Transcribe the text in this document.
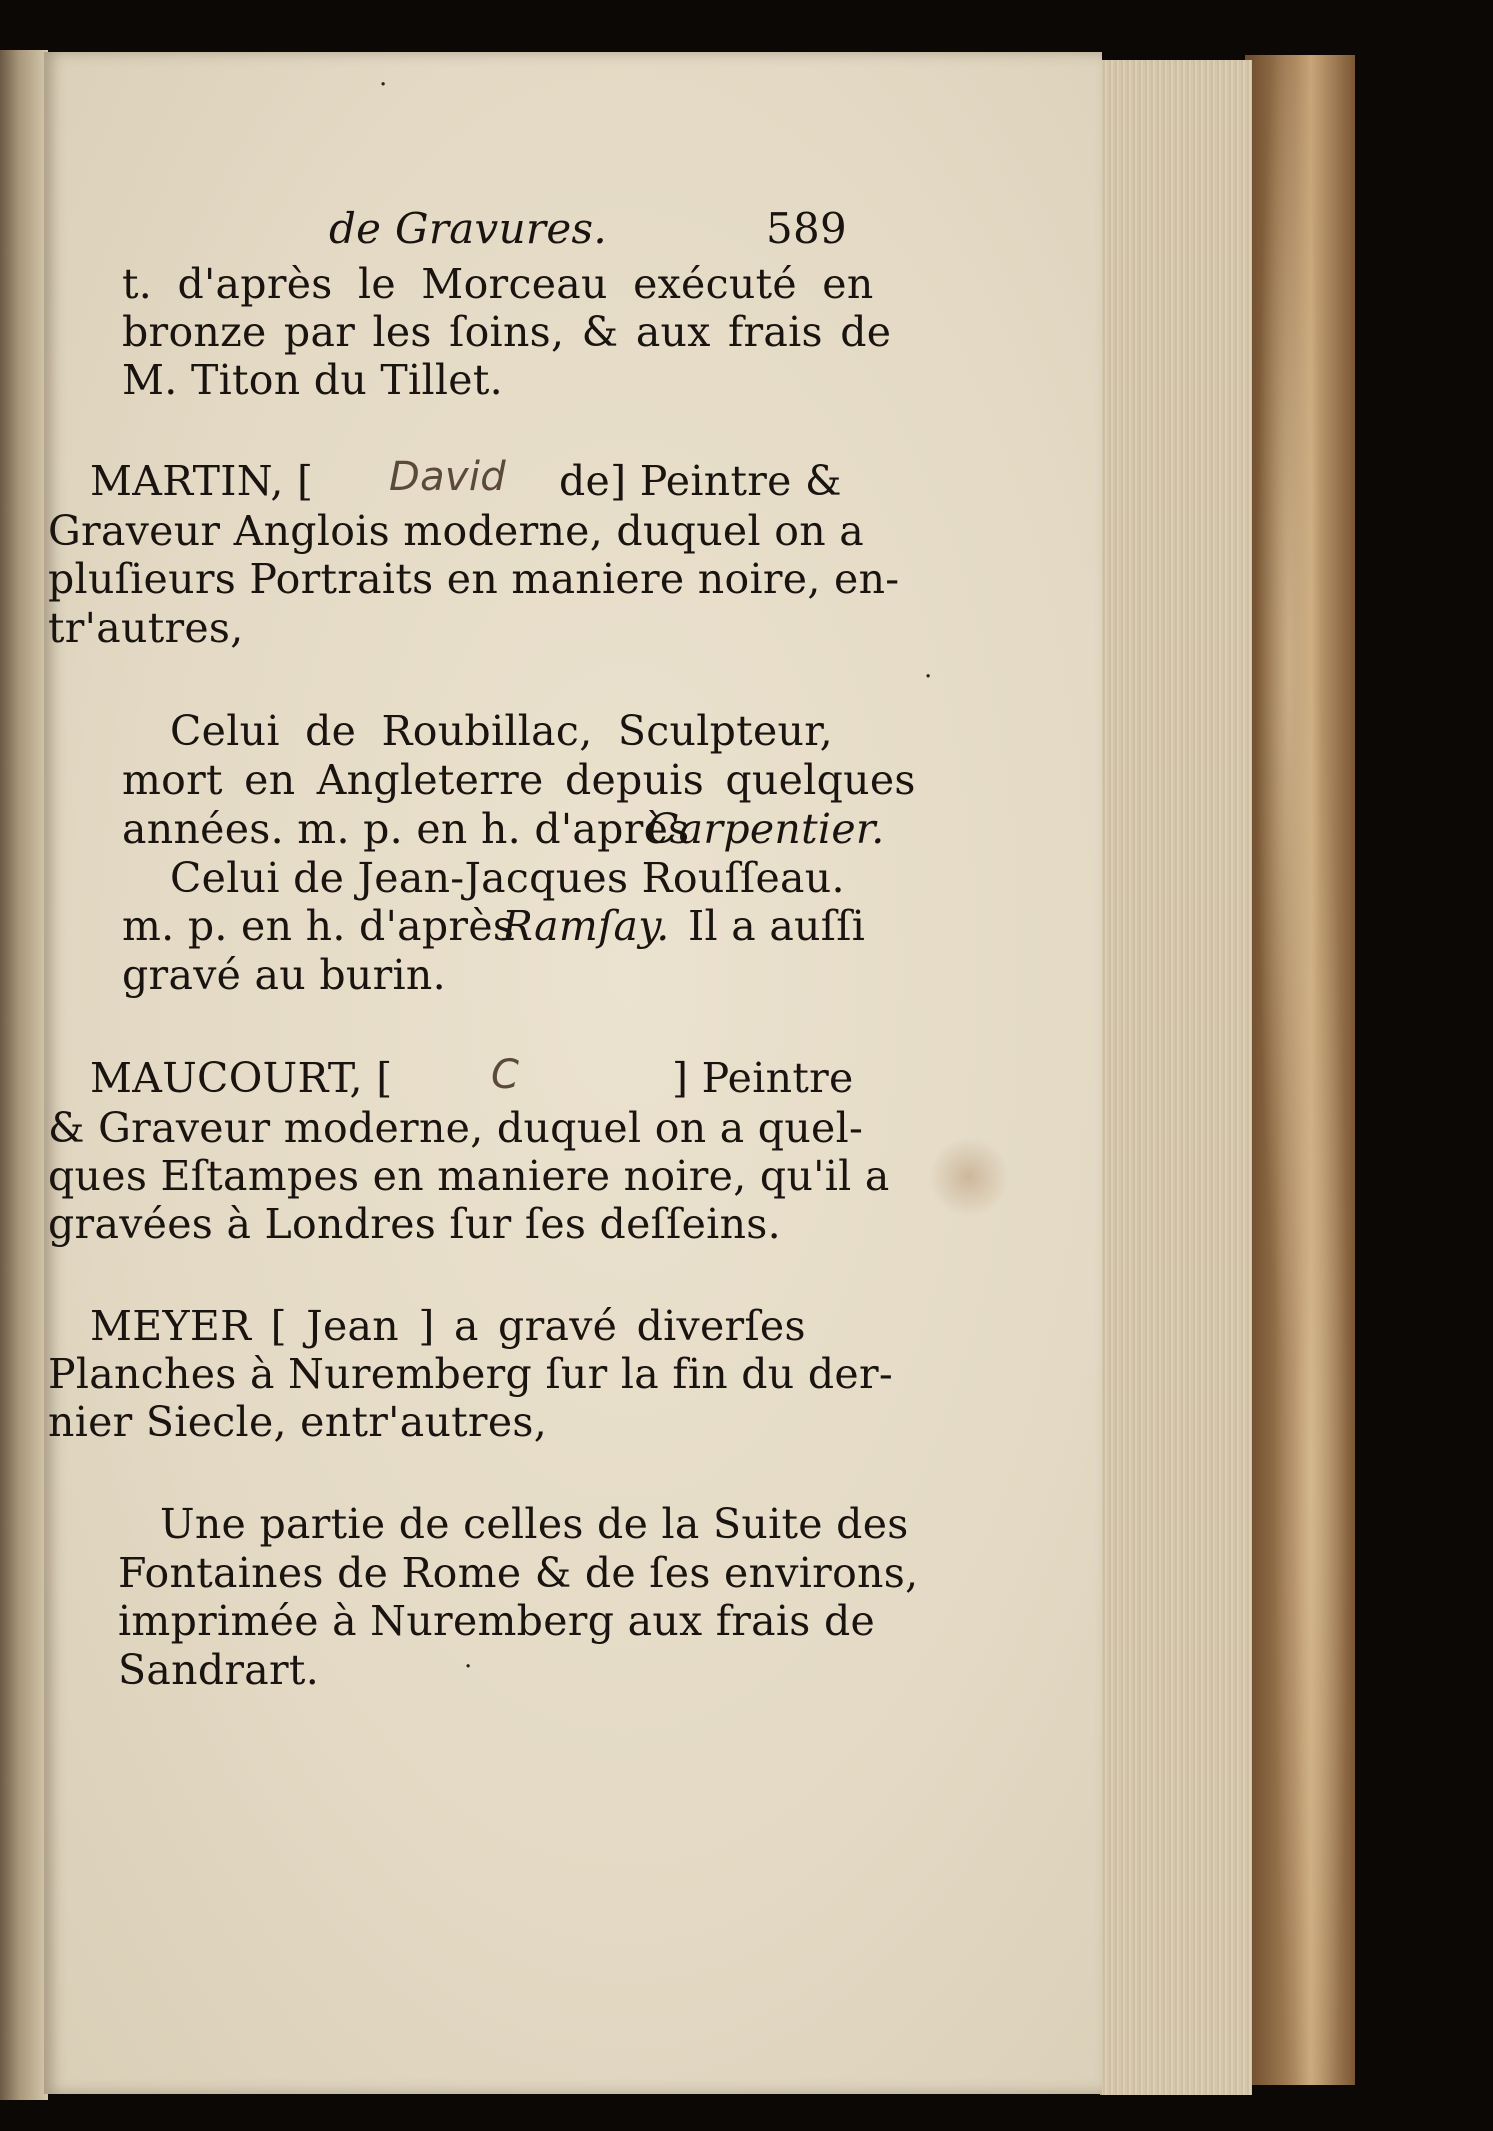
de Gravures.	589

t. d'après le Morceau exécuté en

bronze par les ſoins, & aux frais de

M. Titon du Tillet.

MARTIN, [ David de] Peintre &

Graveur Anglois moderne, duquel on a

pluſieurs Portraits en maniere noire, en-

tr'autres,

Celui de Roubillac, Sculpteur,

mort en Angleterre depuis quelques

années. m. p. en h. d'après

Carpentier.

Celui de Jean-Jacques Rouſſeau.

m. p. en h. d'après

Ramſay. Il a auſſi

gravé au burin.

MAUCOURT, [ C	] Peintre

& Graveur moderne, duquel on a quel-

ques Eſtampes en maniere noire, qu'il a

gravées à Londres ſur ſes deſſeins.

MEYER [ Jean ] a gravé diverſes

Planches à Nuremberg ſur la fin du der-

nier Siecle, entr'autres,

Une partie de celles de la Suite des

Fontaines de Rome & de ſes environs,

imprimée à Nuremberg aux frais de

Sandrart.

·
·
·
